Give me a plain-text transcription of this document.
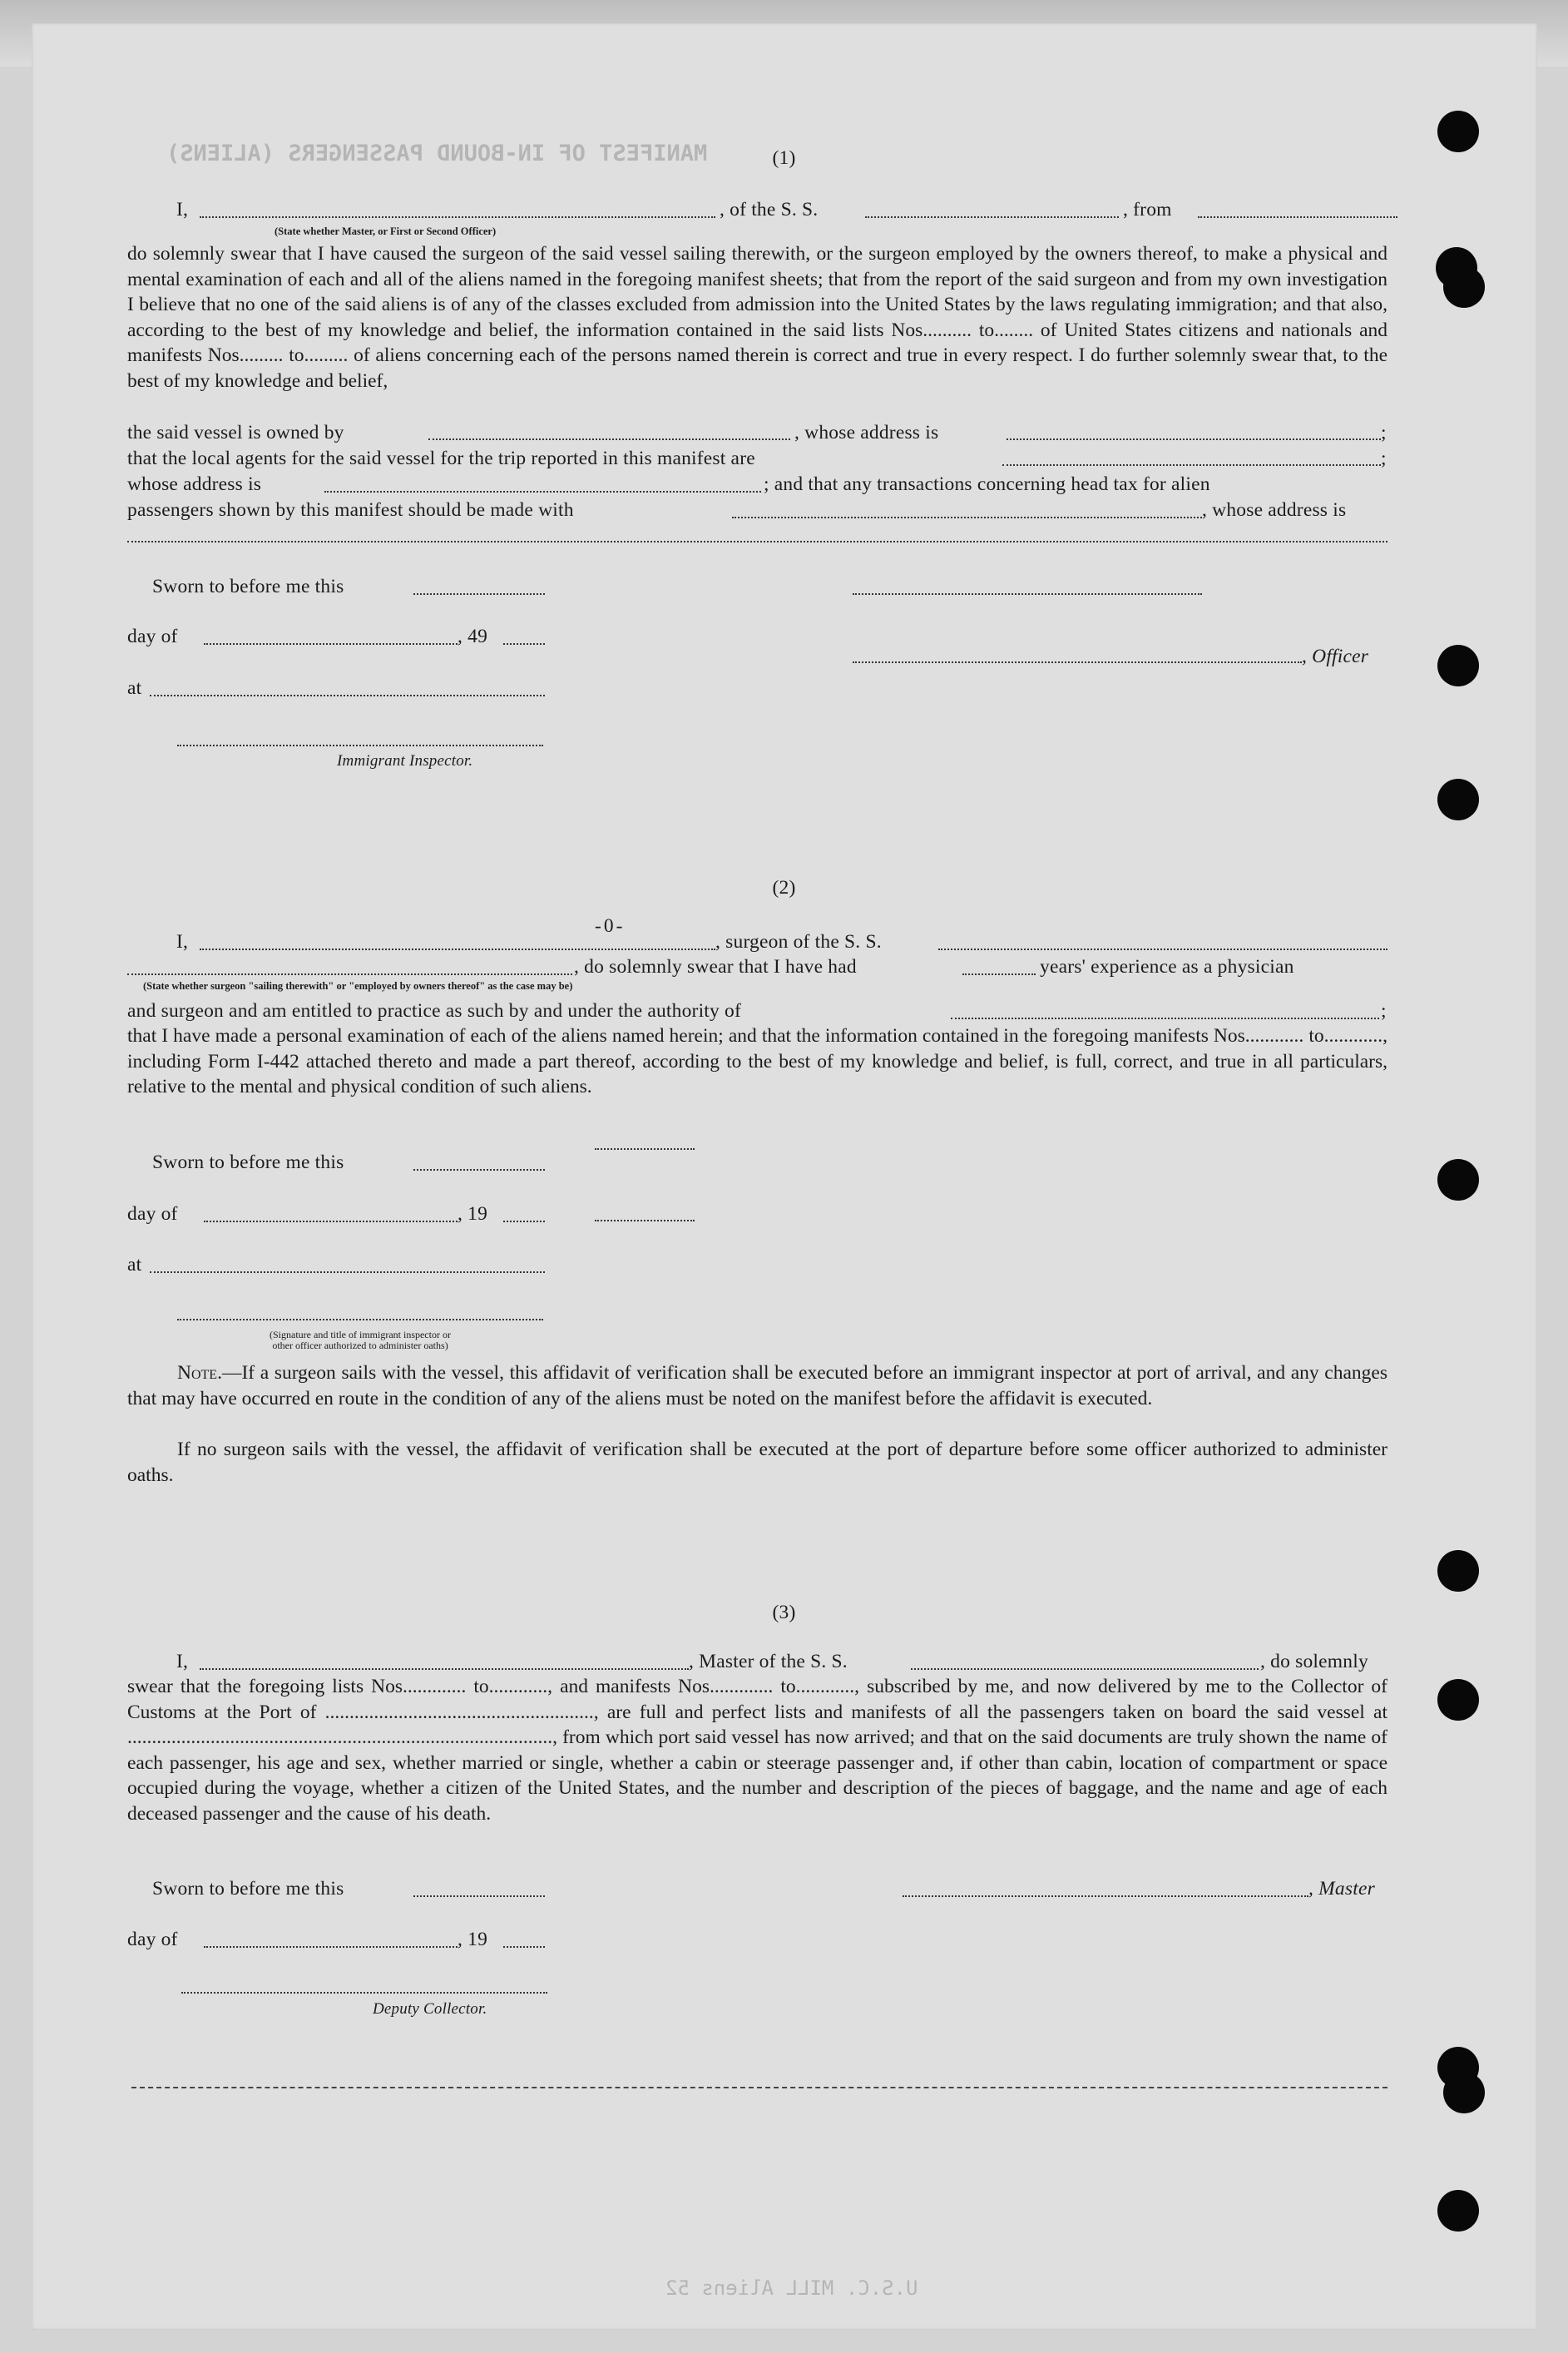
MANIFEST OF IN-BOUND PASSENGERS (ALIENS)
U.S.C. MILL Aliens 52
(1)
I,	, of the S. S.	, from
(State whether Master, or First or Second Officer)
do solemnly swear that I have caused the surgeon of the said vessel sailing therewith, or the surgeon employed by the owners thereof, to make a physical and mental examination of each and all of the aliens named in the foregoing manifest sheets; that from the report of the said surgeon and from my own investigation I believe that no one of the said aliens is of any of the classes excluded from admission into the United States by the laws regulating immigration; and that also, according to the best of my knowledge and belief, the information contained in the said lists Nos.......... to........ of United States citizens and nationals and manifests Nos......... to......... of aliens concerning each of the persons named therein is correct and true in every respect. I do further solemnly swear that, to the best of my knowledge and belief,
the said vessel is owned by	, whose address is	;
that the local agents for the said vessel for the trip reported in this manifest are	;
whose address is	; and that any transactions concerning head tax for alien
passengers shown by this manifest should be made with	, whose address is
Sworn to before me this
day of	, 49
, Officer
at
Immigrant Inspector.
(2)
-0-
I,	, surgeon of the S. S.
, do solemnly swear that I have had	years' experience as a physician
(State whether surgeon "sailing therewith" or "employed by owners thereof" as the case may be)
and surgeon and am entitled to practice as such by and under the authority of	;
that I have made a personal examination of each of the aliens named herein; and that the information contained in the foregoing manifests Nos............ to............, including Form I-442 attached thereto and made a part thereof, according to the best of my knowledge and belief, is full, correct, and true in all particulars, relative to the mental and physical condition of such aliens.
Sworn to before me this
day of	, 19
at
(Signature and title of immigrant inspector or
other officer authorized to administer oaths)
Note.—If a surgeon sails with the vessel, this affidavit of verification shall be executed before an immigrant inspector at port of arrival, and any changes that may have occurred en route in the condition of any of the aliens must be noted on the manifest before the affidavit is executed.
If no surgeon sails with the vessel, the affidavit of verification shall be executed at the port of departure before some officer authorized to administer oaths.
(3)
I,	, Master of the S. S.	, do solemnly
swear that the foregoing lists Nos............. to............, and manifests Nos............. to............, subscribed by me, and now delivered by me to the Collector of Customs at the Port of ......................................................., are full and perfect lists and manifests of all the passengers taken on board the said vessel at ......................................................................................., from which port said vessel has now arrived; and that on the said documents are truly shown the name of each passenger, his age and sex, whether married or single, whether a cabin or steerage passenger and, if other than cabin, location of compartment or space occupied during the voyage, whether a citizen of the United States, and the number and description of the pieces of baggage, and the name and age of each deceased passenger and the cause of his death.
Sworn to before me this	, Master
day of	, 19
Deputy Collector.
